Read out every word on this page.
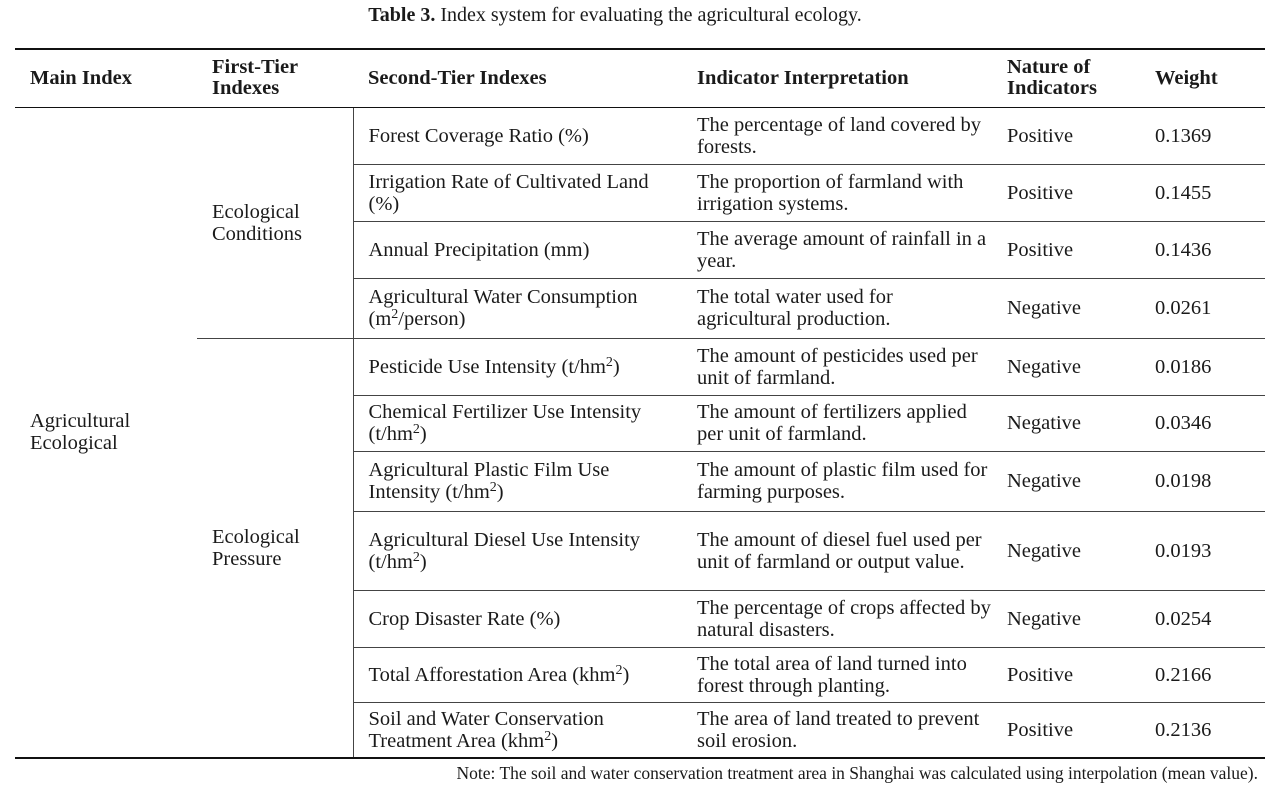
Table 3. Index system for evaluating the agricultural ecology.
Main Index	First-Tier Indexes	Second-Tier Indexes	Indicator Interpretation	Nature of Indicators	Weight
Agricultural Ecological	Ecological Conditions	Forest Coverage Ratio (%)	The percentage of land covered by forests.	Positive	0.1369
		Irrigation Rate of Cultivated Land (%)	The proportion of farmland with irrigation systems.	Positive	0.1455
		Annual Precipitation (mm)	The average amount of rainfall in a year.	Positive	0.1436
		Agricultural Water Consumption $(m^2/person)$	The total water used for agricultural production.	Negative	0.0261
	Ecological Pressure	Pesticide Use Intensity $(t/hm^2)$	The amount of pesticides used per unit of farmland.	Negative	0.0186
		Chemical Fertilizer Use Intensity $(t/hm^2)$	The amount of fertilizers applied per unit of farmland.	Negative	0.0346
		Agricultural Plastic Film Use Intensity $(t/hm^2)$	The amount of plastic film used for farming purposes.	Negative	0.0198
		Agricultural Diesel Use Intensity $(t/hm^2)$	The amount of diesel fuel used per unit of farmland or output value.	Negative	0.0193
		Crop Disaster Rate (%)	The percentage of crops affected by natural disasters.	Negative	0.0254
		Total Afforestation Area (khm$^2$)	The total area of land turned into forest through planting.	Positive	0.2166
		Soil and Water Conservation Treatment Area (khm$^2$)	The area of land treated to prevent soil erosion.	Positive	0.2136
Note: The soil and water conservation treatment area in Shanghai was calculated using interpolation (mean value).
